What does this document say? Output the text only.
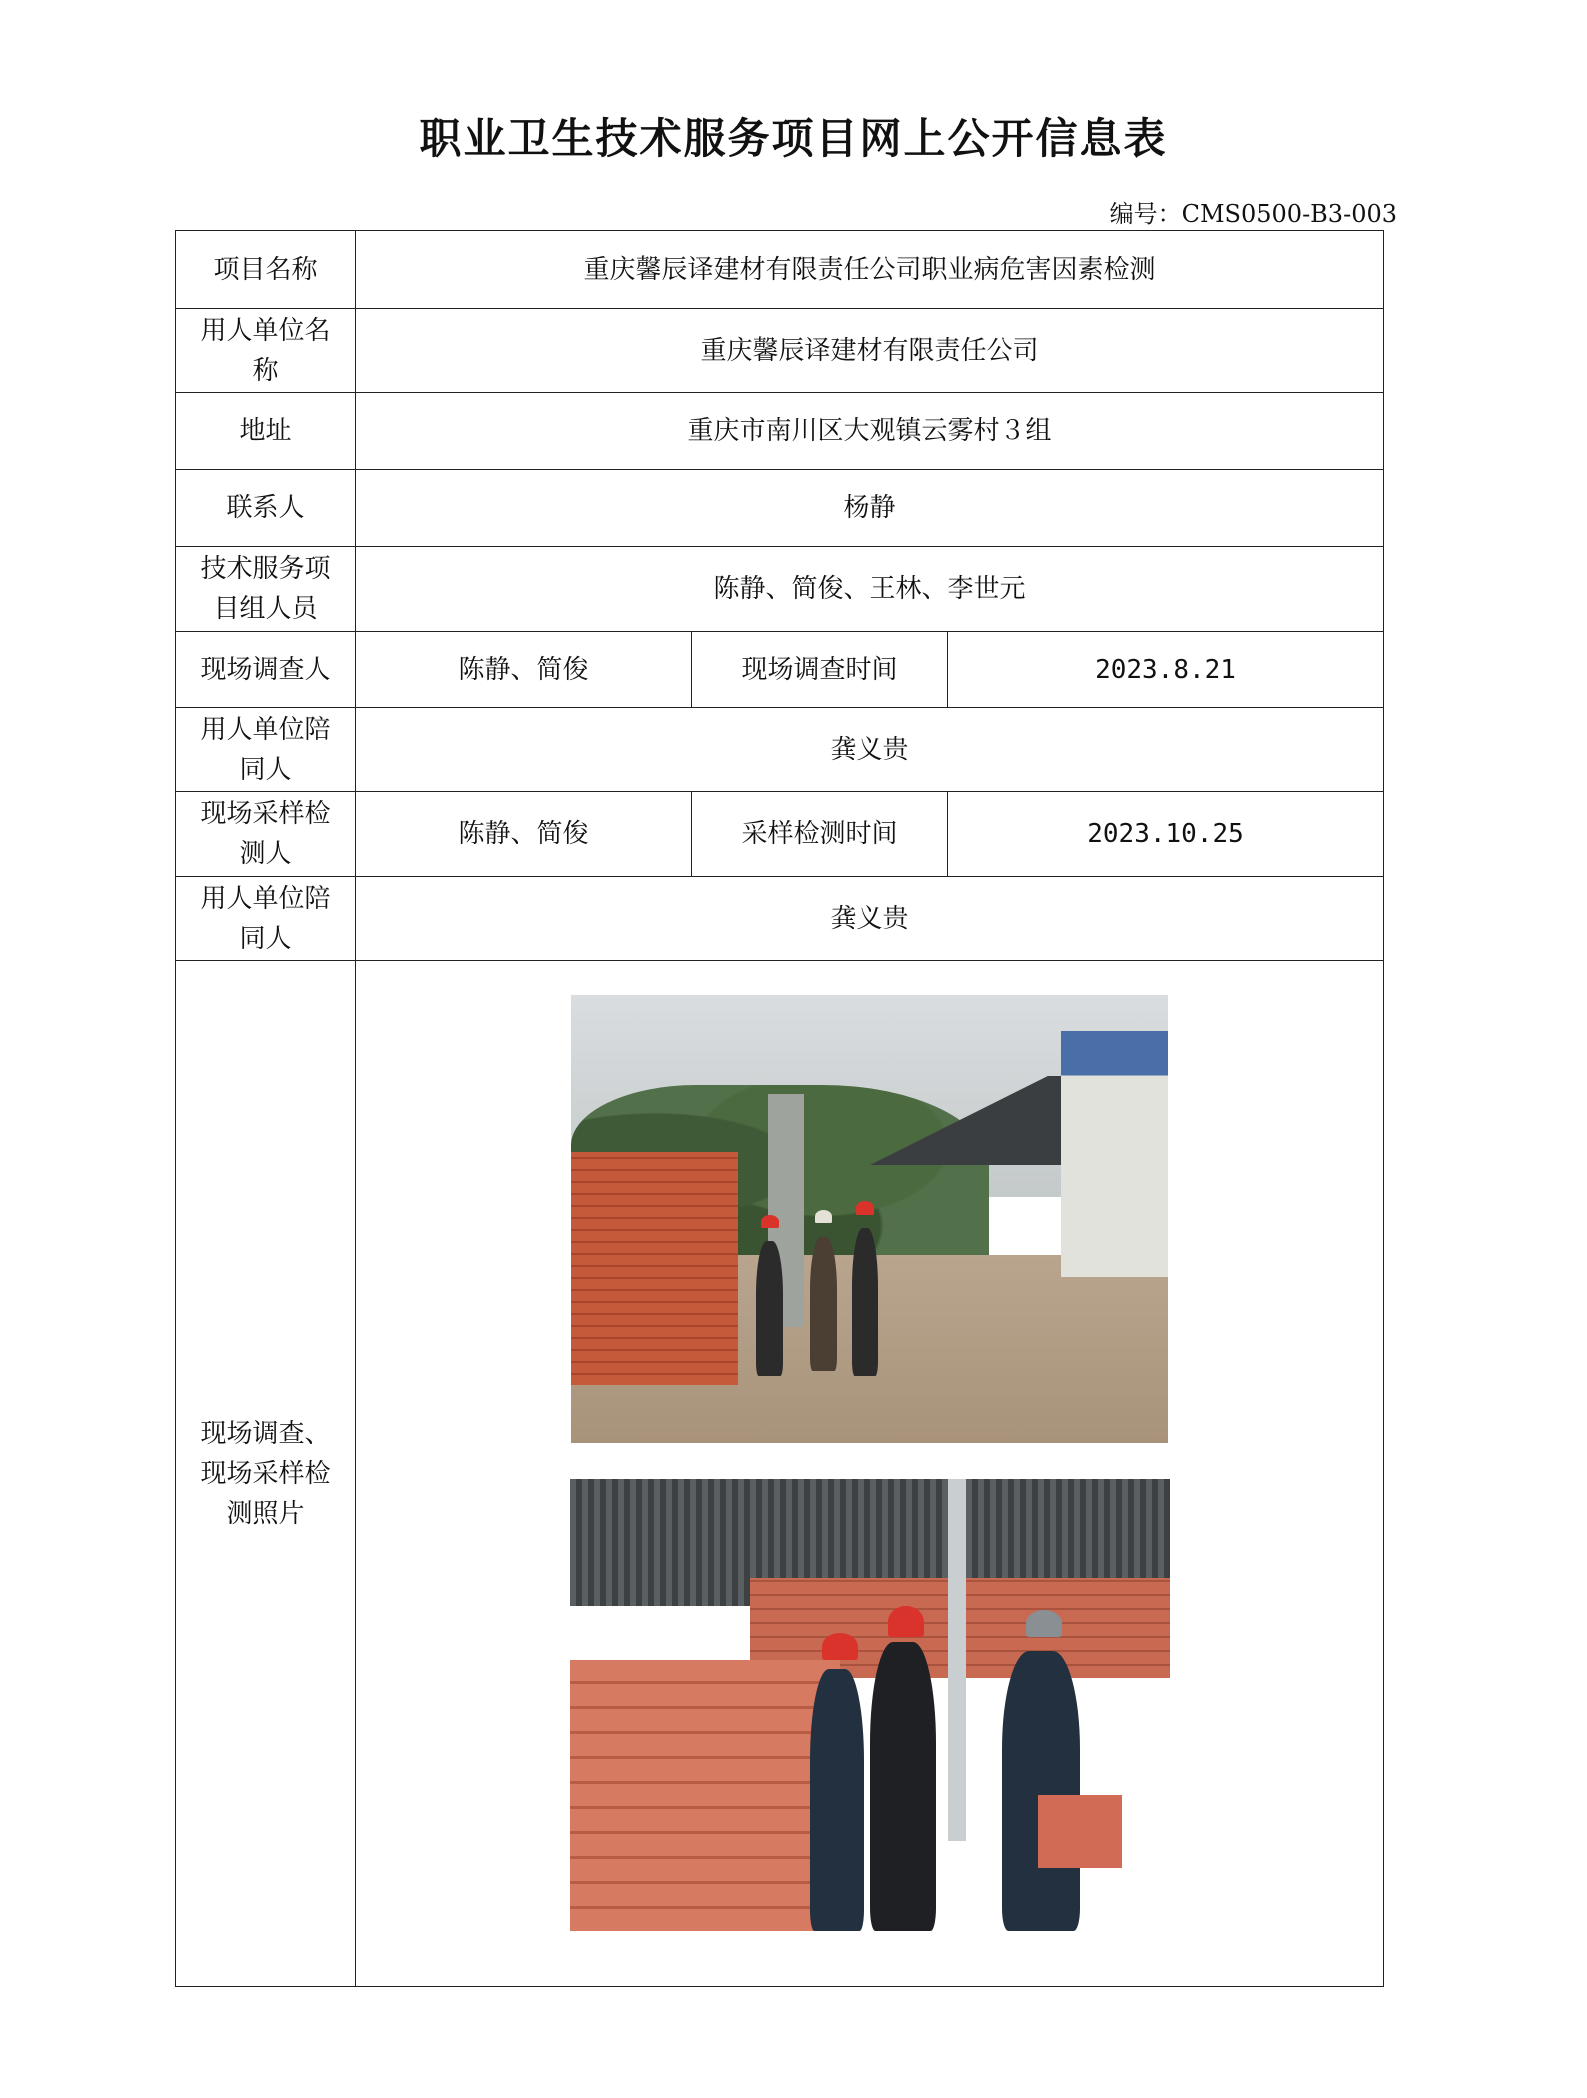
职业卫生技术服务项目网上公开信息表
编号：CMS0500-B3-003
项目名称	重庆馨辰译建材有限责任公司职业病危害因素检测		
用人单位名
称	重庆馨辰译建材有限责任公司		
地址	重庆市南川区大观镇云雾村３组		
联系人	杨静		
技术服务项
目组人员	陈静、简俊、王林、李世元		
现场调查人	陈静、简俊	现场调查时间	2023.8.21
用人单位陪
同人	龚义贵		
现场采样检
测人	陈静、简俊	采样检测时间	2023.10.25
用人单位陪
同人	龚义贵		
现场调查、
现场采样检
测照片			
